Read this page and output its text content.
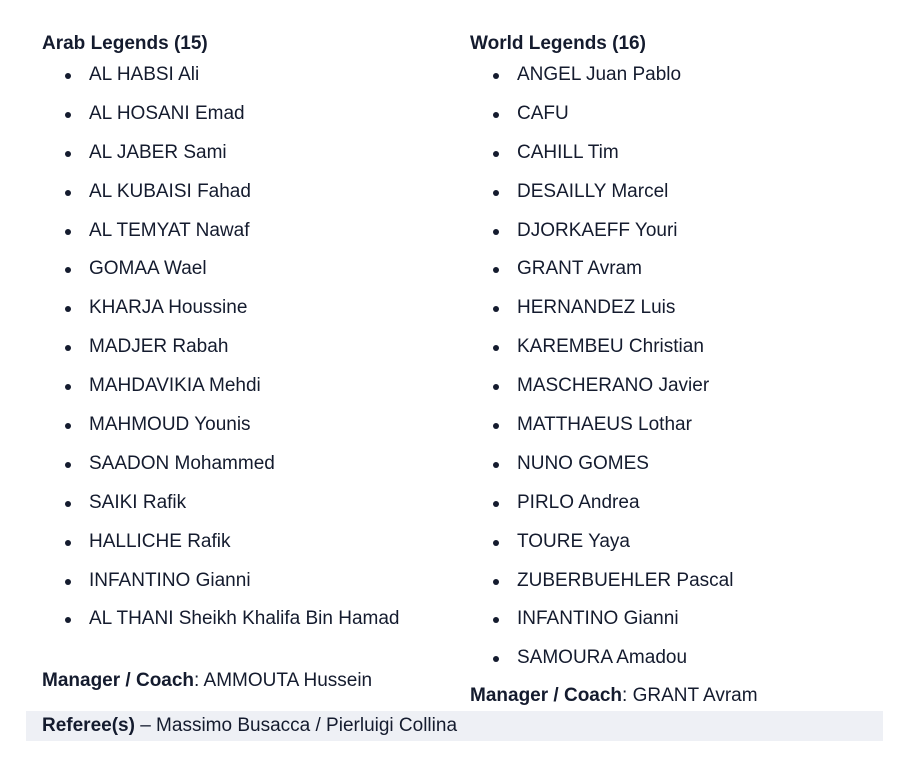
Arab Legends (15)
AL HABSI Ali
AL HOSANI Emad
AL JABER Sami
AL KUBAISI Fahad
AL TEMYAT Nawaf
GOMAA Wael
KHARJA Houssine
MADJER Rabah
MAHDAVIKIA Mehdi
MAHMOUD Younis
SAADON Mohammed
SAIKI Rafik
HALLICHE Rafik
INFANTINO Gianni
AL THANI Sheikh Khalifa Bin Hamad
World Legends (16)
ANGEL Juan Pablo
CAFU
CAHILL Tim
DESAILLY Marcel
DJORKAEFF Youri
GRANT Avram
HERNANDEZ Luis
KAREMBEU Christian
MASCHERANO Javier
MATTHAEUS Lothar
NUNO GOMES
PIRLO Andrea
TOURE Yaya
ZUBERBUEHLER Pascal
INFANTINO Gianni
SAMOURA Amadou
Manager / Coach: AMMOUTA Hussein
Manager / Coach: GRANT Avram
Referee(s) – Massimo Busacca / Pierluigi Collina
